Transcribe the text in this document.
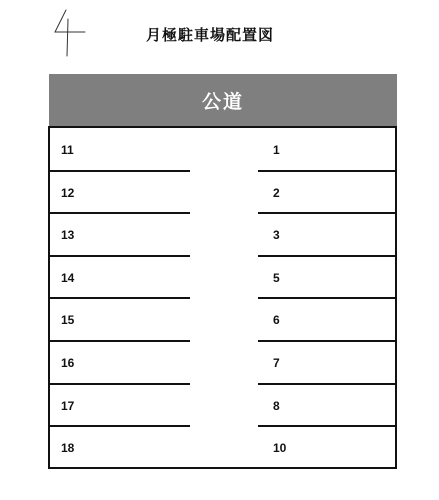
月極駐車場配置図
公道
11
12
13
14
15
16
17
18
1
2
3
5
6
7
8
10
